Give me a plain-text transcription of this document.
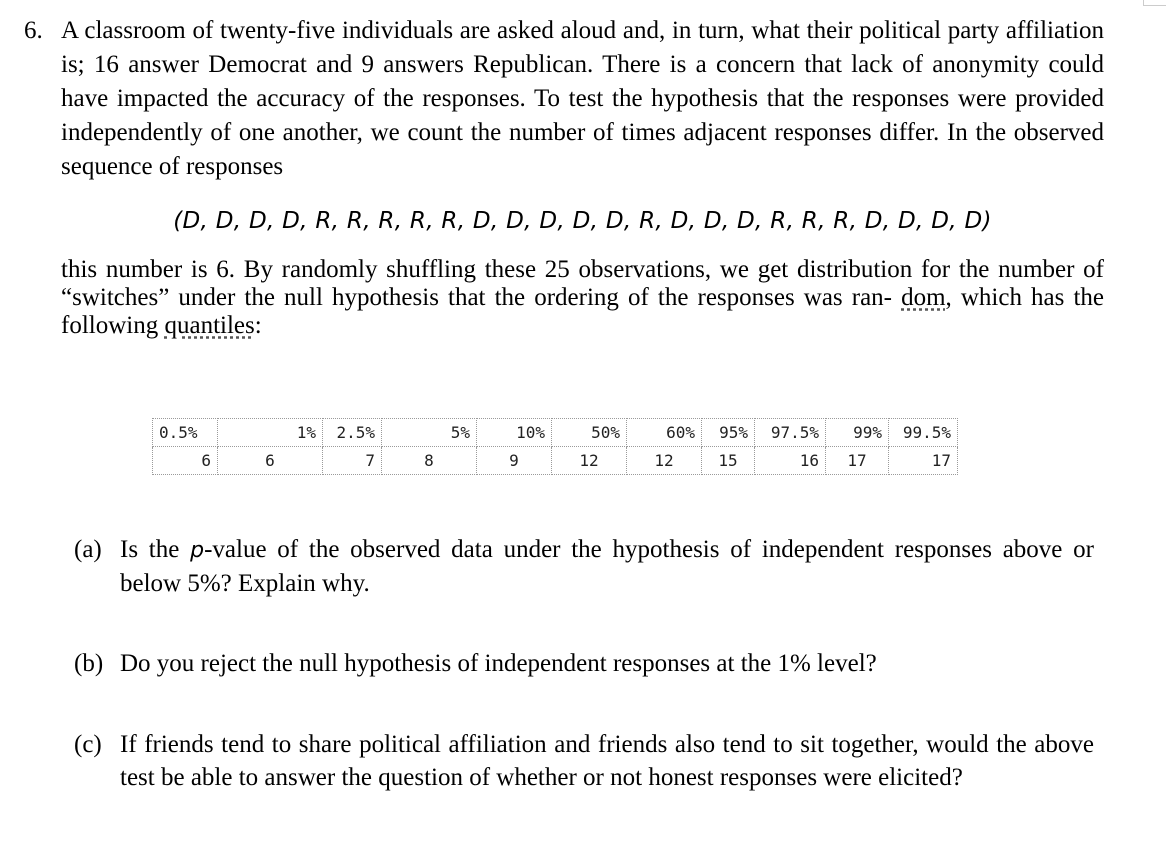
6. A classroom of twenty-five individuals are asked aloud and, in turn, what their political party affiliation is; 16 answer Democrat and 9 answers Republican. There is a concern that lack of anonymity could have impacted the accuracy of the responses. To test the hypothesis that the responses were provided independently of one another, we count the number of times adjacent responses differ. In the observed sequence of responses

(D, D, D, D, R, R, R, R, R, D, D, D, D, D, R, D, D, D, R, R, R, D, D, D, D)

this number is 6. By randomly shuffling these 25 observations, we get distribution for the number of “switches” under the null hypothesis that the ordering of the responses was ran- dom, which has the following quantiles:

0.5%	1%	2.5%	5%	10%	50%	60%	95%	97.5%	99%	99.5%
6	6	7	8	9	12	12	15	16	17	17
(a) Is the p-value of the observed data under the hypothesis of independent responses above or below 5%? Explain why.
(b) Do you reject the null hypothesis of independent responses at the 1% level?
(c) If friends tend to share political affiliation and friends also tend to sit together, would the above test be able to answer the question of whether or not honest responses were elicited?
